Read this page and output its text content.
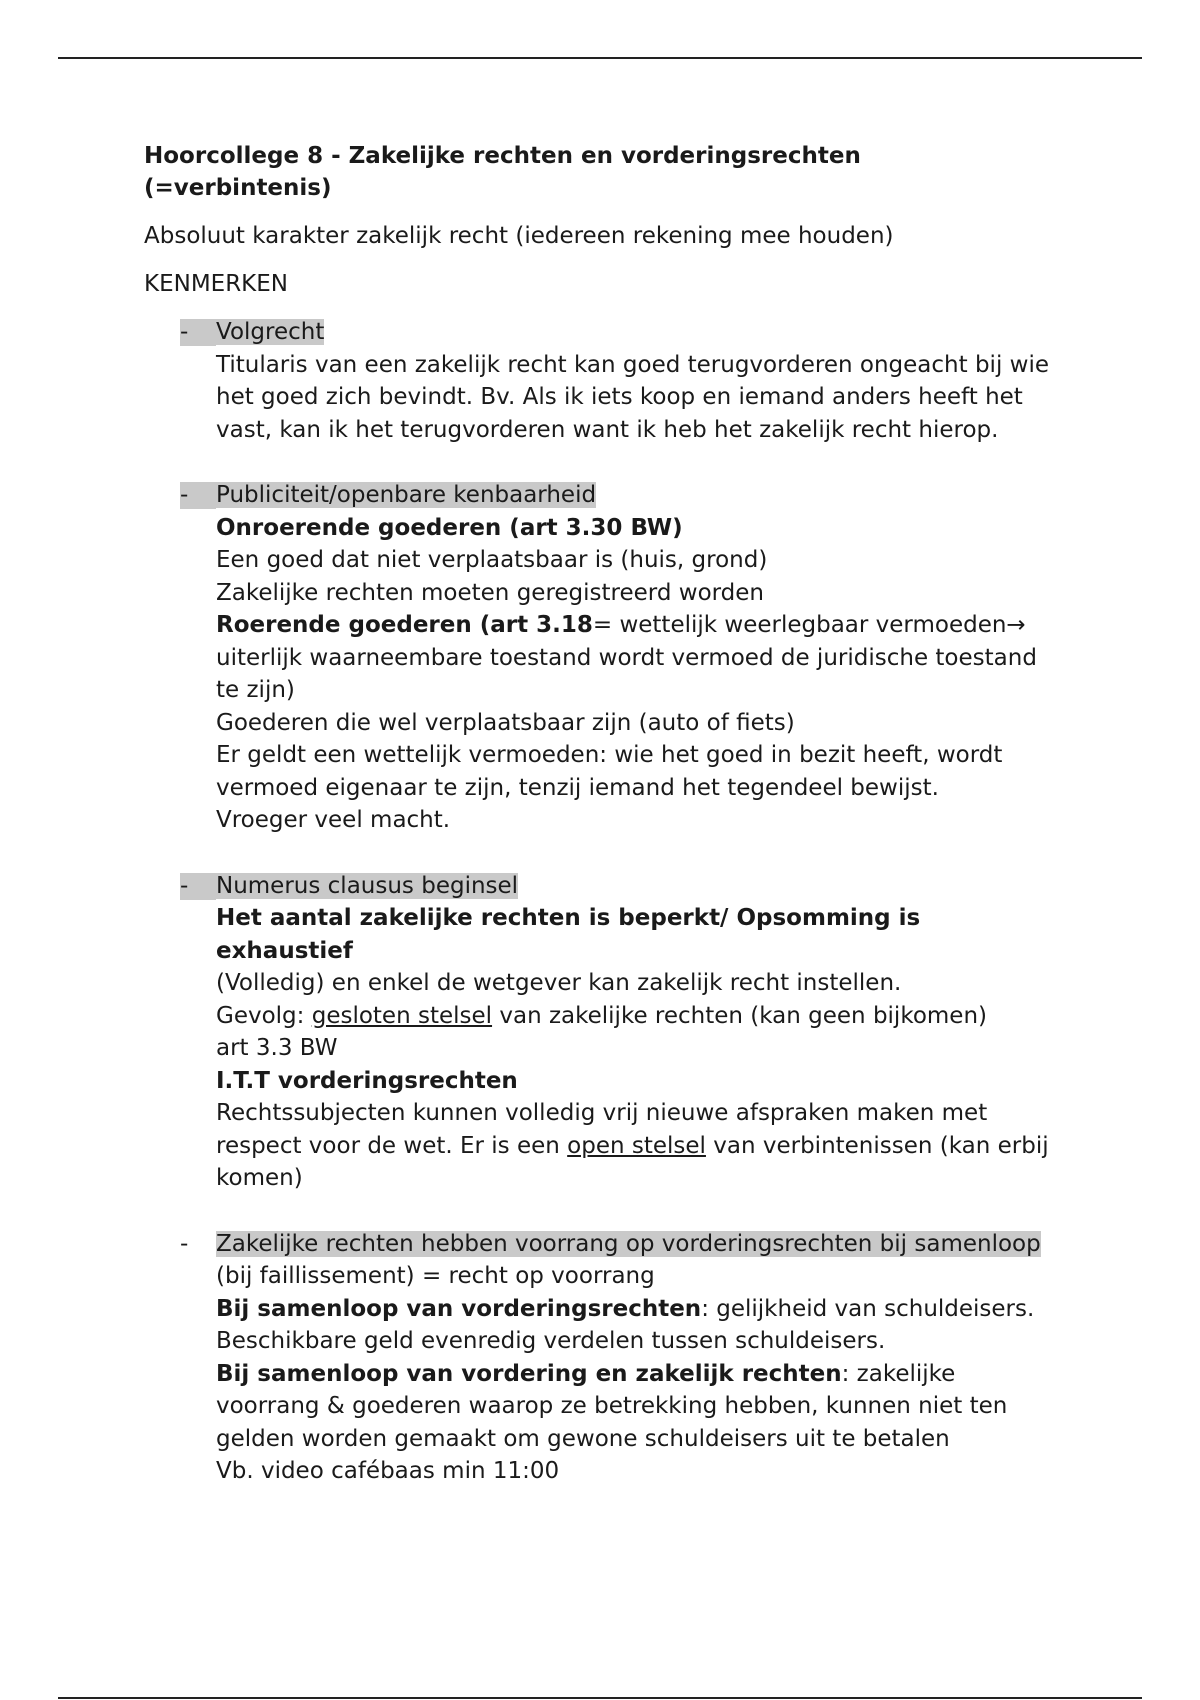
Hoorcollege 8 - Zakelijke rechten en vorderingsrechten
(=verbintenis)
Absoluut karakter zakelijk recht (iedereen rekening mee houden)
KENMERKEN
- Volgrecht
Titularis van een zakelijk recht kan goed terugvorderen ongeacht bij wie het goed zich bevindt. Bv. Als ik iets koop en iemand anders heeft het vast, kan ik het terugvorderen want ik heb het zakelijk recht hierop.
- Publiciteit/openbare kenbaarheid
Onroerende goederen (art 3.30 BW)
Een goed dat niet verplaatsbaar is (huis, grond)
Zakelijke rechten moeten geregistreerd worden
Roerende goederen (art 3.18= wettelijk weerlegbaar vermoeden→ uiterlijk waarneembare toestand wordt vermoed de juridische toestand te zijn)
Goederen die wel verplaatsbaar zijn (auto of fiets)
Er geldt een wettelijk vermoeden: wie het goed in bezit heeft, wordt vermoed eigenaar te zijn, tenzij iemand het tegendeel bewijst.
Vroeger veel macht.
- Numerus clausus beginsel
Het aantal zakelijke rechten is beperkt/ Opsomming is exhaustief
(Volledig) en enkel de wetgever kan zakelijk recht instellen.
Gevolg: gesloten stelsel van zakelijke rechten (kan geen bijkomen)
art 3.3 BW
I.T.T vorderingsrechten
Rechtssubjecten kunnen volledig vrij nieuwe afspraken maken met respect voor de wet. Er is een open stelsel van verbintenissen (kan erbij komen)
- Zakelijke rechten hebben voorrang op vorderingsrechten bij samenloop (bij faillissement) = recht op voorrang
Bij samenloop van vorderingsrechten: gelijkheid van schuldeisers. Beschikbare geld evenredig verdelen tussen schuldeisers.
Bij samenloop van vordering en zakelijk rechten: zakelijke voorrang & goederen waarop ze betrekking hebben, kunnen niet ten gelden worden gemaakt om gewone schuldeisers uit te betalen
Vb. video cafébaas min 11:00
